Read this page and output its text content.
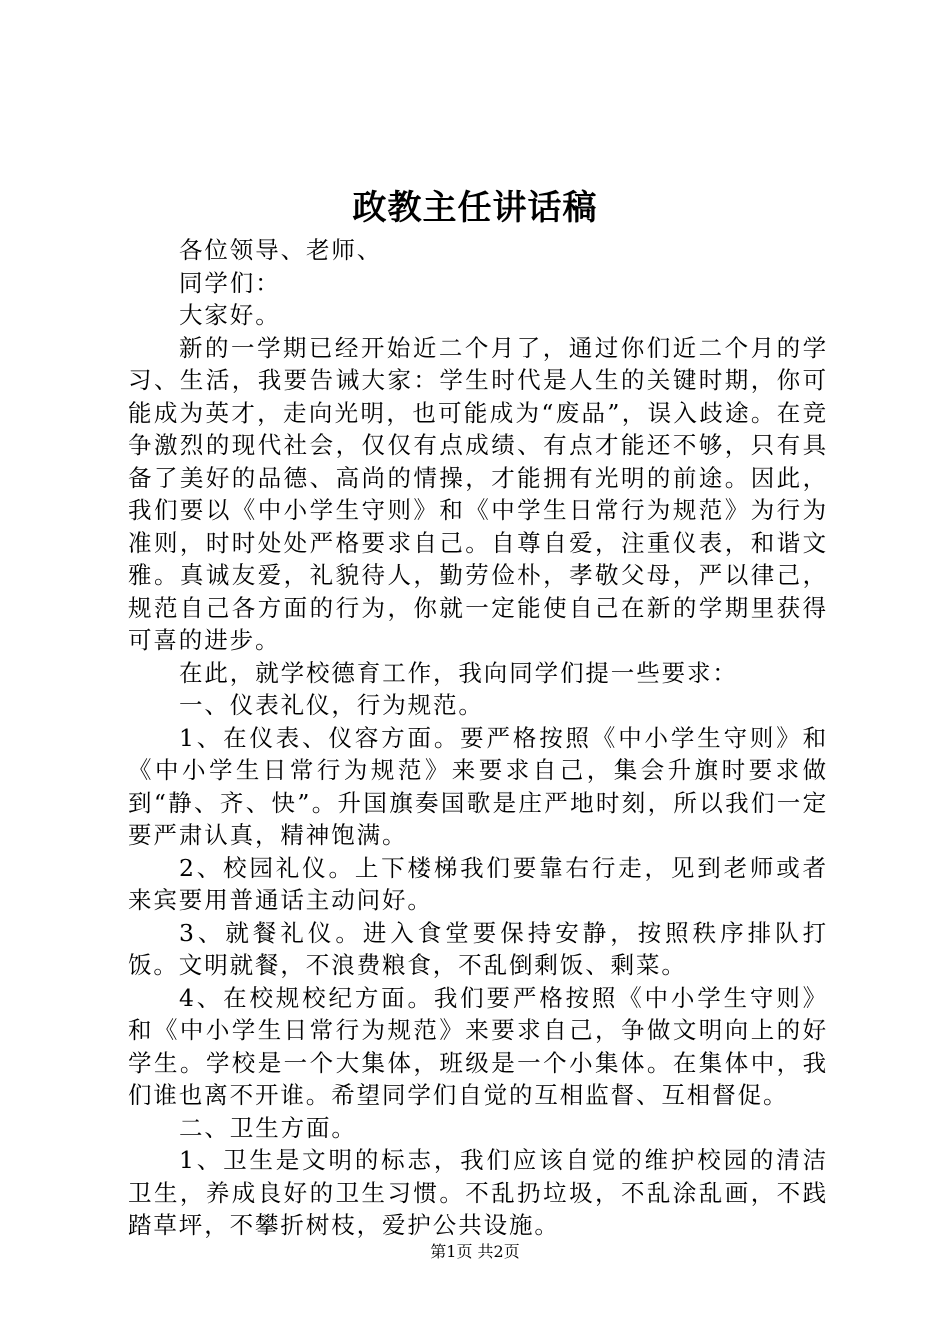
政教主任讲话稿

各位领导、老师、

同学们：

大家好。

新的一学期已经开始近二个月了，通过你们近二个月的学习、生活，我要告诫大家：学生时代是人生的关键时期，你可能成为英才，走向光明，也可能成为“废品”，误入歧途。在竞争激烈的现代社会，仅仅有点成绩、有点才能还不够，只有具备了美好的品德、高尚的情操，才能拥有光明的前途。因此，我们要以《中小学生守则》和《中学生日常行为规范》为行为准则，时时处处严格要求自己。自尊自爱，注重仪表，和谐文雅。真诚友爱，礼貌待人，勤劳俭朴，孝敬父母，严以律己，规范自己各方面的行为，你就一定能使自己在新的学期里获得可喜的进步。

在此，就学校德育工作，我向同学们提一些要求：

一、仪表礼仪，行为规范。

1、在仪表、仪容方面。要严格按照《中小学生守则》和《中小学生日常行为规范》来要求自己，集会升旗时要求做到“静、齐、快”。升国旗奏国歌是庄严地时刻，所以我们一定要严肃认真，精神饱满。

2、校园礼仪。上下楼梯我们要靠右行走，见到老师或者来宾要用普通话主动问好。

3、就餐礼仪。进入食堂要保持安静，按照秩序排队打饭。文明就餐，不浪费粮食，不乱倒剩饭、剩菜。

4、在校规校纪方面。我们要严格按照《中小学生守则》和《中小学生日常行为规范》来要求自己，争做文明向上的好学生。学校是一个大集体，班级是一个小集体。在集体中，我们谁也离不开谁。希望同学们自觉的互相监督、互相督促。

二、卫生方面。

1、卫生是文明的标志，我们应该自觉的维护校园的清洁卫生，养成良好的卫生习惯。不乱扔垃圾，不乱涂乱画，不践踏草坪，不攀折树枝，爱护公共设施。

第1页 共2页
